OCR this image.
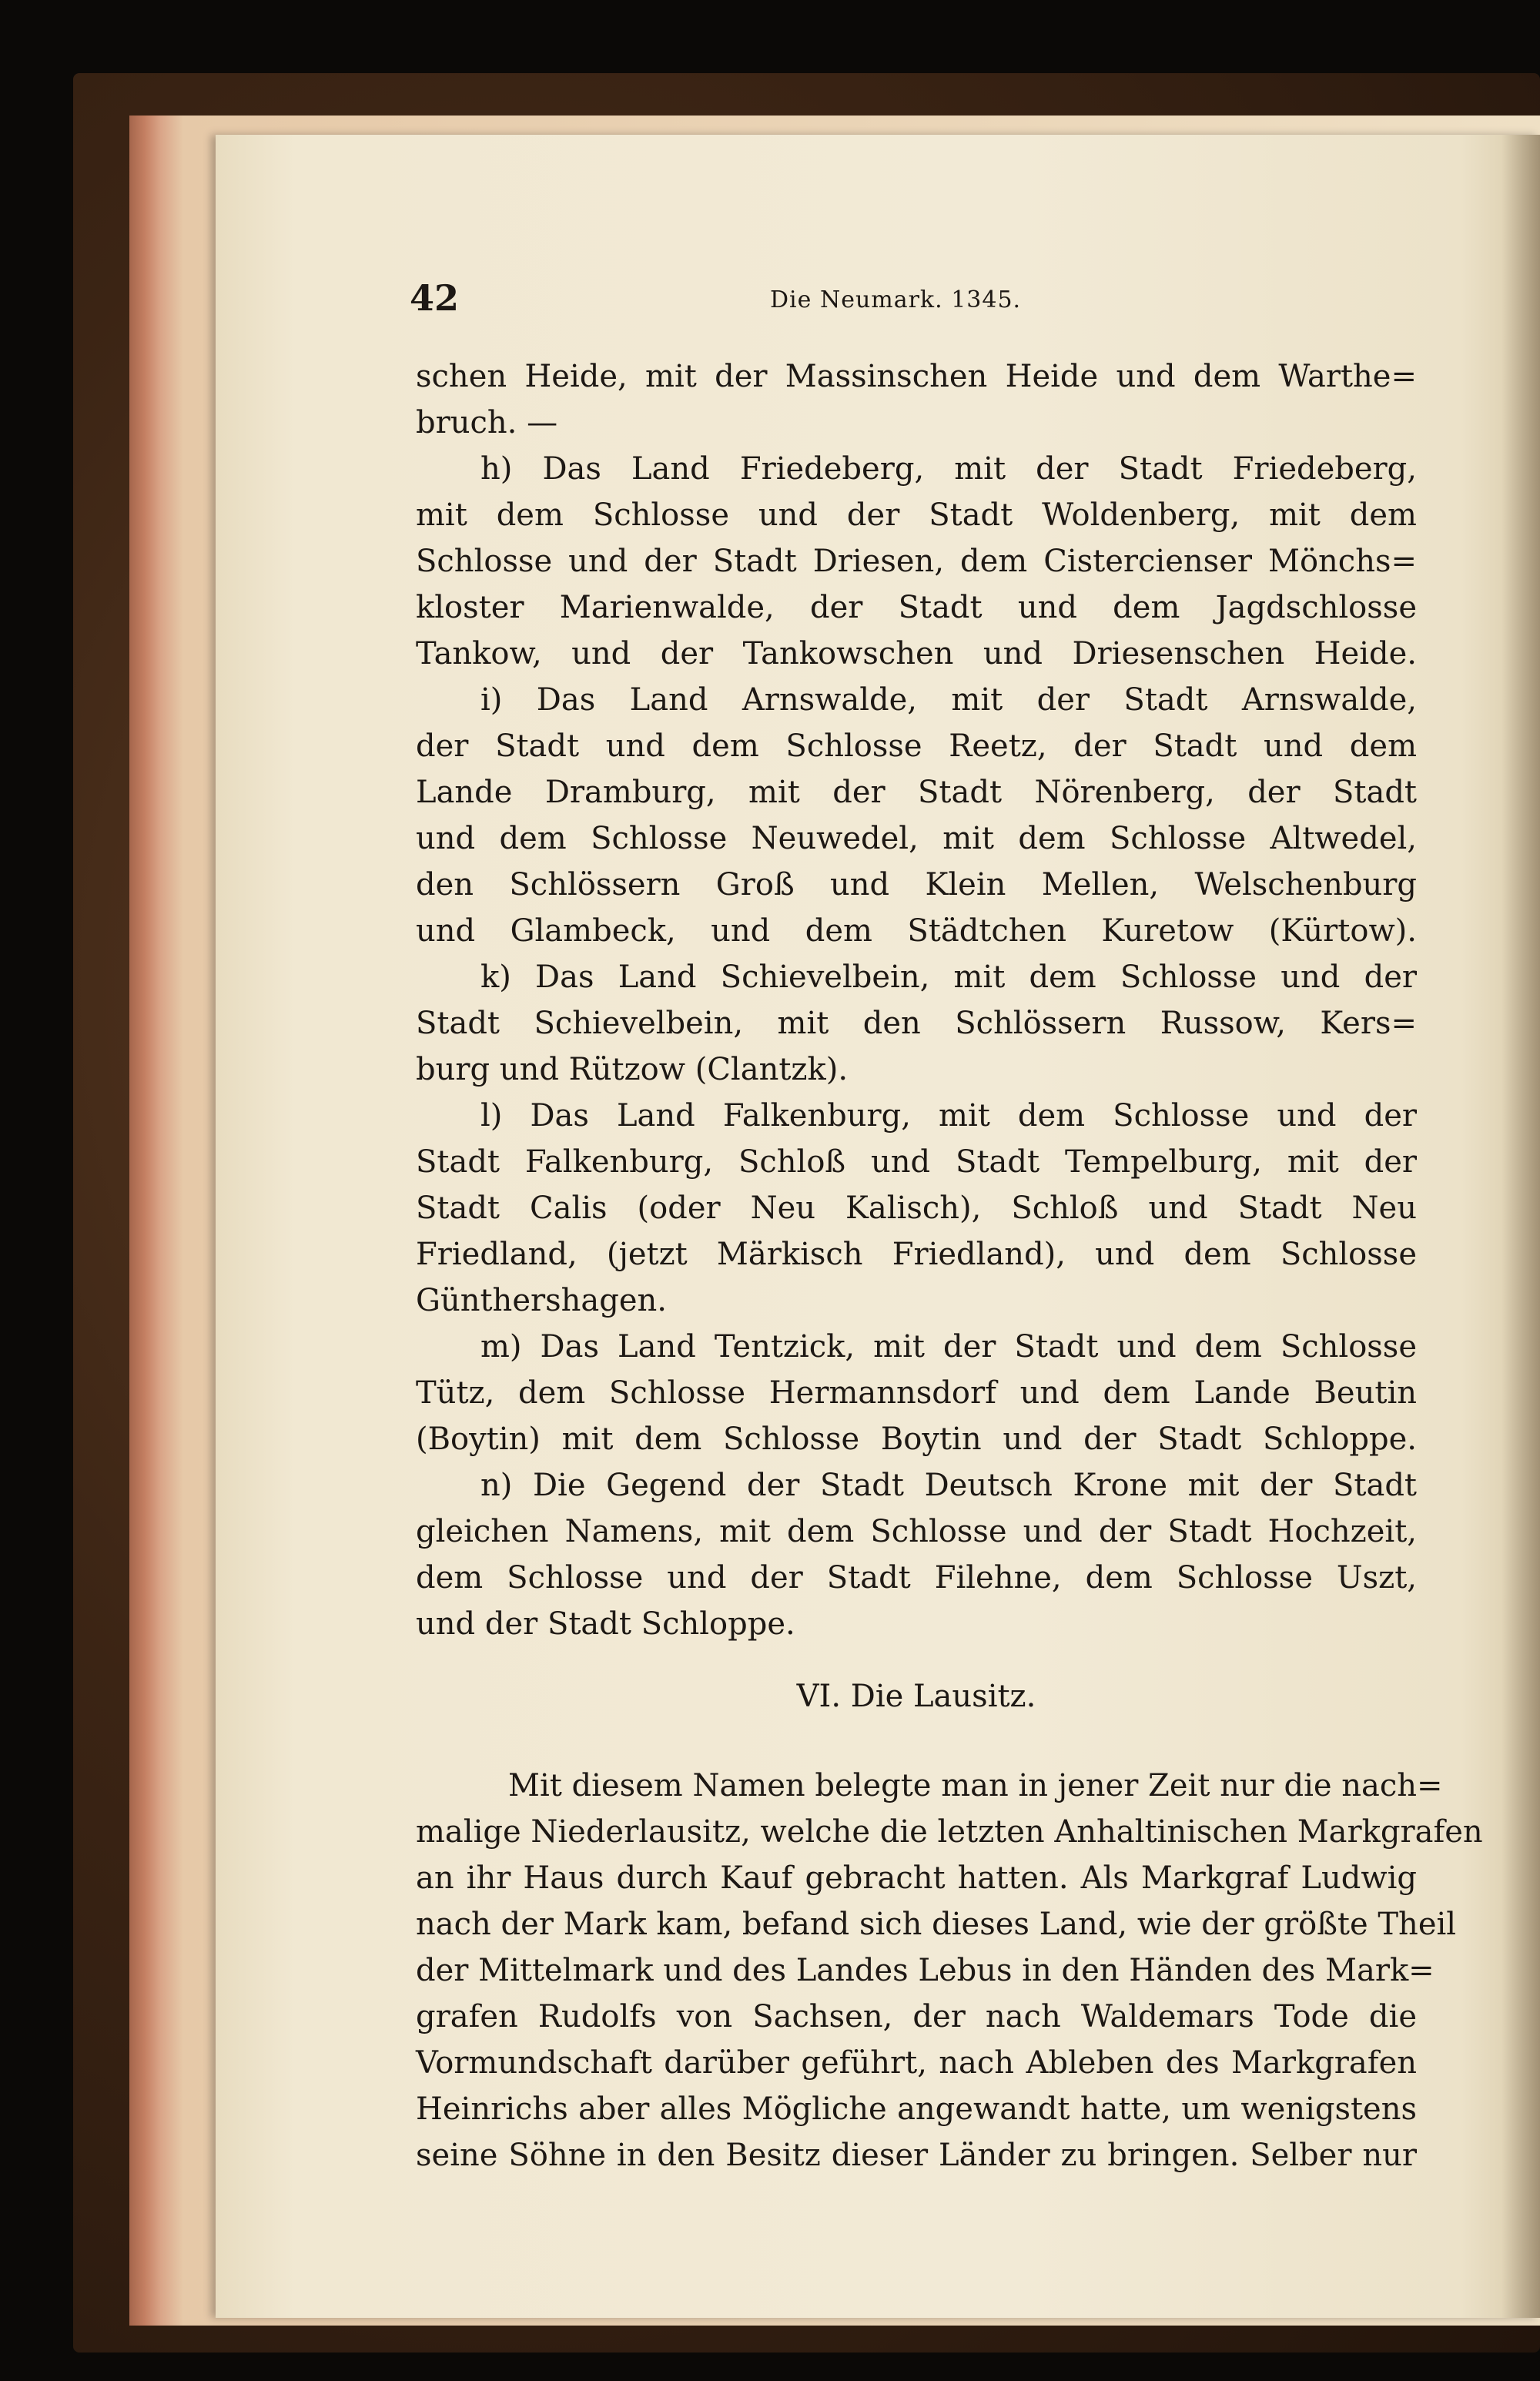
42	Die Neumark. 1345.
schen Heide, mit der Massinschen Heide und dem Warthe=
bruch. —
h) Das Land Friedeberg, mit der Stadt Friedeberg,
mit dem Schlosse und der Stadt Woldenberg, mit dem
Schlosse und der Stadt Driesen, dem Cistercienser Mönchs=
kloster Marienwalde, der Stadt und dem Jagdschlosse
Tankow, und der Tankowschen und Driesenschen Heide.
i) Das Land Arnswalde, mit der Stadt Arnswalde,
der Stadt und dem Schlosse Reetz, der Stadt und dem
Lande Dramburg, mit der Stadt Nörenberg, der Stadt
und dem Schlosse Neuwedel, mit dem Schlosse Altwedel,
den Schlössern Groß und Klein Mellen, Welschenburg
und Glambeck, und dem Städtchen Kuretow (Kürtow).
k) Das Land Schievelbein, mit dem Schlosse und der
Stadt Schievelbein, mit den Schlössern Russow, Kers=
burg und Rützow (Clantzk).
l) Das Land Falkenburg, mit dem Schlosse und der
Stadt Falkenburg, Schloß und Stadt Tempelburg, mit der
Stadt Calis (oder Neu Kalisch), Schloß und Stadt Neu
Friedland, (jetzt Märkisch Friedland), und dem Schlosse
Günthershagen.
m) Das Land Tentzick, mit der Stadt und dem Schlosse
Tütz, dem Schlosse Hermannsdorf und dem Lande Beutin
(Boytin) mit dem Schlosse Boytin und der Stadt Schloppe.
n) Die Gegend der Stadt Deutsch Krone mit der Stadt
gleichen Namens, mit dem Schlosse und der Stadt Hochzeit,
dem Schlosse und der Stadt Filehne, dem Schlosse Uszt,
und der Stadt Schloppe.
VI. Die Lausitz.
Mit diesem Namen belegte man in jener Zeit nur die nach=
malige Niederlausitz, welche die letzten Anhaltinischen Markgrafen
an ihr Haus durch Kauf gebracht hatten. Als Markgraf Ludwig
nach der Mark kam, befand sich dieses Land, wie der größte Theil
der Mittelmark und des Landes Lebus in den Händen des Mark=
grafen Rudolfs von Sachsen, der nach Waldemars Tode die
Vormundschaft darüber geführt, nach Ableben des Markgrafen
Heinrichs aber alles Mögliche angewandt hatte, um wenigstens
seine Söhne in den Besitz dieser Länder zu bringen. Selber nur
